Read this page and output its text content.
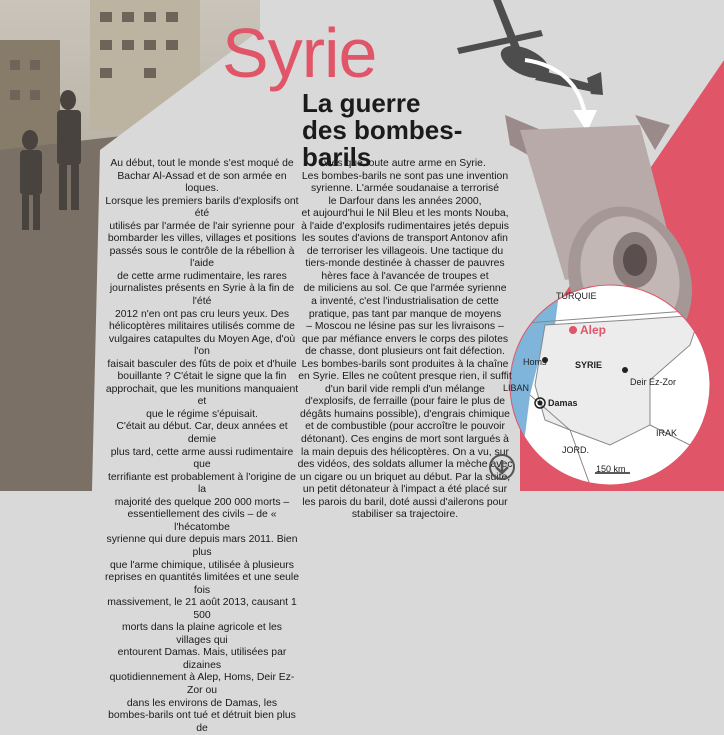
Syrie
La guerre
des bombes-barils
TURQUIE
Alep
Homs	SYRIE
Deir Ez-Zor
LIBAN
Damas
JORD.
IRAK
150 km

Au début, tout le monde s'est moqué de

Bachar Al-Assad et de son armée en loques.

Lorsque les premiers barils d'explosifs ont été

utilisés par l'armée de l'air syrienne pour

bombarder les villes, villages et positions

passés sous le contrôle de la rébellion à l'aide

de cette arme rudimentaire, les rares

journalistes présents en Syrie à la fin de l'été

2012 n'en ont pas cru leurs yeux. Des

hélicoptères militaires utilisés comme de

vulgaires catapultes du Moyen Age, d'où l'on

faisait basculer des fûts de poix et d'huile

bouillante ? C'était le signe que la fin

approchait, que les munitions manquaient et

que le régime s'épuisait.

C'était au début. Car, deux années et demie

plus tard, cette arme aussi rudimentaire que

terrifiante est probablement à l'origine de la

majorité des quelque 200 000 morts –

essentiellement des civils – de « l'hécatombe

syrienne qui dure depuis mars 2011. Bien plus

que l'arme chimique, utilisée à plusieurs

reprises en quantités limitées et une seule fois

massivement, le 21 août 2013, causant 1 500

morts dans la plaine agricole et les villages qui

entourent Damas. Mais, utilisées par dizaines

quotidiennement à Alep, Homs, Deir Ez-Zor ou

dans les environs de Damas, les

bombes-barils ont tué et détruit bien plus de

vies que toute autre arme en Syrie.

Les bombes-barils ne sont pas une invention

syrienne. L'armée soudanaise a terrorisé

le Darfour dans les années 2000,

et aujourd'hui le Nil Bleu et les monts Nouba,

à l'aide d'explosifs rudimentaires jetés depuis

les soutes d'avions de transport Antonov afin

de terroriser les villageois. Une tactique du

tiers-monde destinée à chasser de pauvres

hères face à l'avancée de troupes et

de miliciens au sol. Ce que l'armée syrienne

a inventé, c'est l'industrialisation de cette

pratique, pas tant par manque de moyens

– Moscou ne lésine pas sur les livraisons –

que par méfiance envers le corps des pilotes

de chasse, dont plusieurs ont fait défection.

Les bombes-barils sont produites à la chaîne

en Syrie. Elles ne coûtent presque rien, il suffit

d'un baril vide rempli d'un mélange

d'explosifs, de ferraille (pour faire le plus de

dégâts humains possible), d'engrais chimique

et de combustible (pour accroître le pouvoir

détonant). Ces engins de mort sont largués à

la main depuis des hélicoptères. On a vu, sur

des vidéos, des soldats allumer la mèche avec

un cigare ou un briquet au début. Par la suite,

un petit détonateur à l'impact a été placé sur

les parois du baril, doté aussi d'ailerons pour

stabiliser sa trajectoire.
